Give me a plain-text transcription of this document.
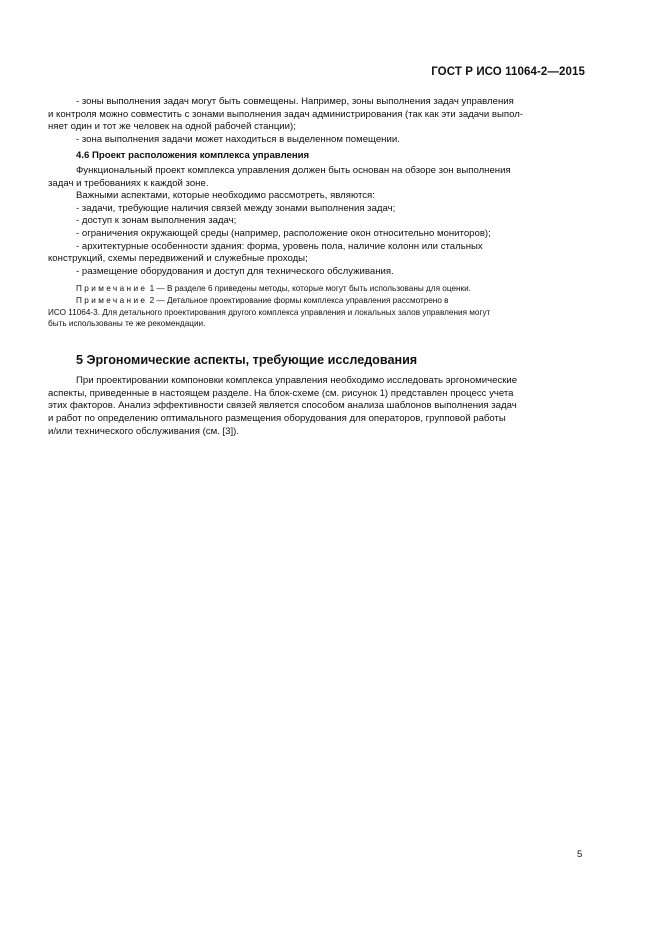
ГОСТ Р ИСО 11064-2—2015
- зоны выполнения задач могут быть совмещены. Например, зоны выполнения задач управления
и контроля можно совместить с зонами выполнения задач администрирования (так как эти задачи выпол-
няет один и тот же человек на одной рабочей станции);
- зона выполнения задачи может находиться в выделенном помещении.
4.6 Проект расположения комплекса управления
Функциональный проект комплекса управления должен быть основан на обзоре зон выполнения
задач и требованиях к каждой зоне.
Важными аспектами, которые необходимо рассмотреть, являются:
- задачи, требующие наличия связей между зонами выполнения задач;
- доступ к зонам выполнения задач;
- ограничения окружающей среды (например, расположение окон относительно мониторов);
- архитектурные особенности здания: форма, уровень пола, наличие колонн или стальных
конструкций, схемы передвижений и служебные проходы;
- размещение оборудования и доступ для технического обслуживания.
Примечание 1 — В разделе 6 приведены методы, которые могут быть использованы для оценки.
Примечание 2 — Детальное проектирование формы комплекса управления рассмотрено в
ИСО 11064-3. Для детального проектирования другого комплекса управления и локальных залов управления могут
быть использованы те же рекомендации.
5 Эргономические аспекты, требующие исследования
При проектировании компоновки комплекса управления необходимо исследовать эргономические
аспекты, приведенные в настоящем разделе. На блок-схеме (см. рисунок 1) представлен процесс учета
этих факторов. Анализ эффективности связей является способом анализа шаблонов выполнения задач
и работ по определению оптимального размещения оборудования для операторов, групповой работы
и/или технического обслуживания (см. [3]).
5
